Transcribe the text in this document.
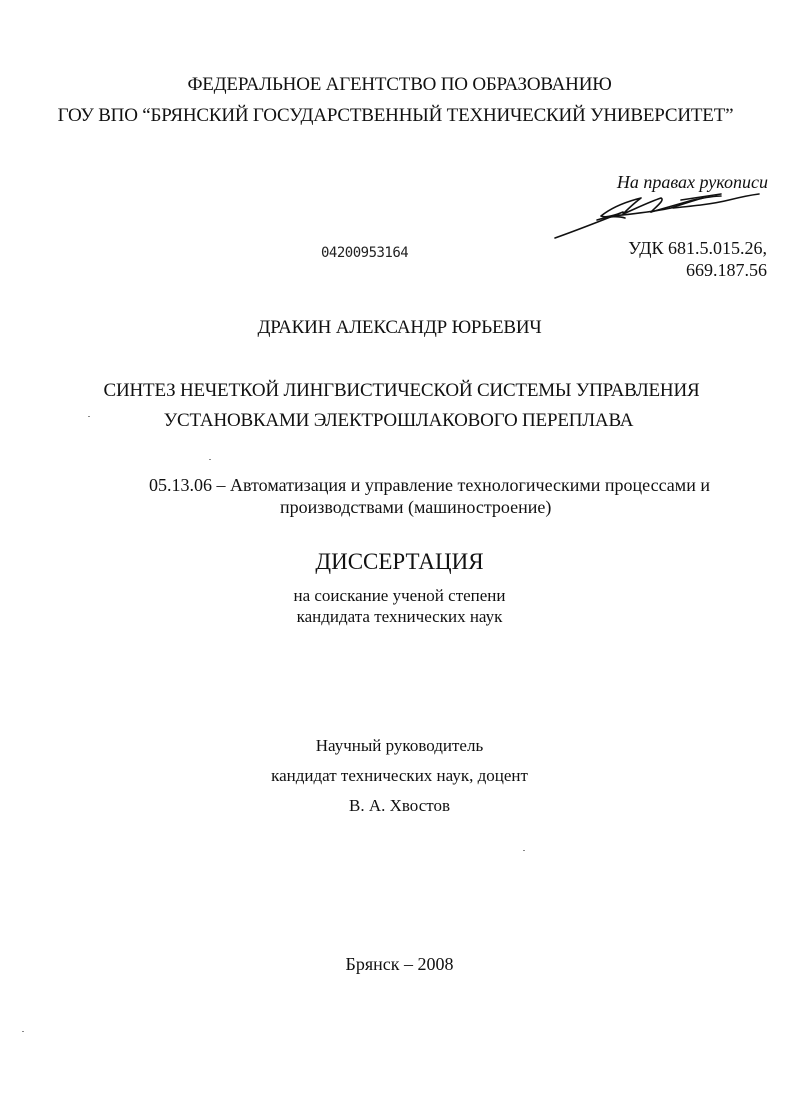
ФЕДЕРАЛЬНОЕ АГЕНТСТВО ПО ОБРАЗОВАНИЮ
ГОУ ВПО “БРЯНСКИЙ ГОСУДАРСТВЕННЫЙ ТЕХНИЧЕСКИЙ УНИВЕРСИТЕТ”
На правах рукописи
04200953164	УДК 681.5.015.26,
669.187.56
ДРАКИН АЛЕКСАНДР ЮРЬЕВИЧ
СИНТЕЗ НЕЧЕТКОЙ ЛИНГВИСТИЧЕСКОЙ СИСТЕМЫ УПРАВЛЕНИЯ
УСТАНОВКАМИ ЭЛЕКТРОШЛАКОВОГО ПЕРЕПЛАВА
05.13.06 – Автоматизация и управление технологическими процессами и
производствами (машиностроение)
ДИССЕРТАЦИЯ
на соискание ученой степени
кандидата технических наук
Научный руководитель
кандидат технических наук, доцент
В. А. Хвостов
Брянск – 2008
